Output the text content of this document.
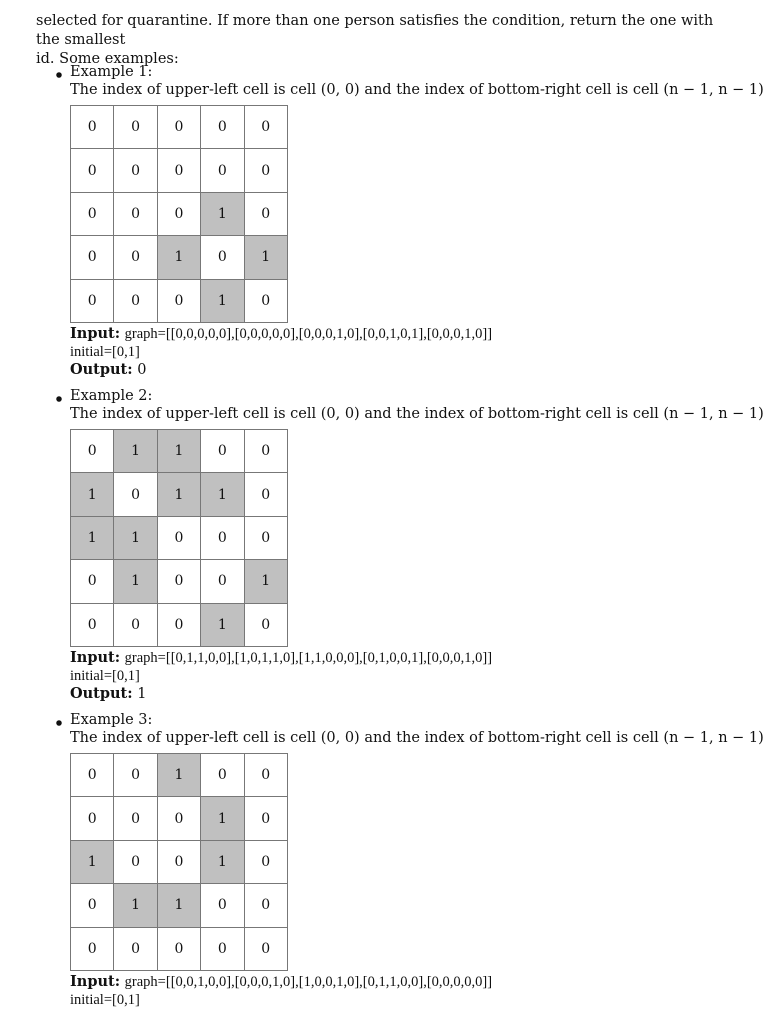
selected for quarantine. If more than one person satisfies the condition, return the one with the smallest
id. Some examples:
Example 1:
The index of upper-left cell is cell (0, 0) and the index of bottom-right cell is cell (n − 1, n − 1)
0	0	0	0	0
0	0	0	0	0
0	0	0	1	0
0	0	1	0	1
0	0	0	1	0
Input: graph=[[0,0,0,0,0],[0,0,0,0,0],[0,0,0,1,0],[0,0,1,0,1],[0,0,0,1,0]]
initial=[0,1]
Output: 0
Example 2:
The index of upper-left cell is cell (0, 0) and the index of bottom-right cell is cell (n − 1, n − 1)
0	1	1	0	0
1	0	1	1	0
1	1	0	0	0
0	1	0	0	1
0	0	0	1	0
Input: graph=[[0,1,1,0,0],[1,0,1,1,0],[1,1,0,0,0],[0,1,0,0,1],[0,0,0,1,0]]
initial=[0,1]
Output: 1
Example 3:
The index of upper-left cell is cell (0, 0) and the index of bottom-right cell is cell (n − 1, n − 1)
0	0	1	0	0
0	0	0	1	0
1	0	0	1	0
0	1	1	0	0
0	0	0	0	0
Input: graph=[[0,0,1,0,0],[0,0,0,1,0],[1,0,0,1,0],[0,1,1,0,0],[0,0,0,0,0]]
initial=[0,1]
